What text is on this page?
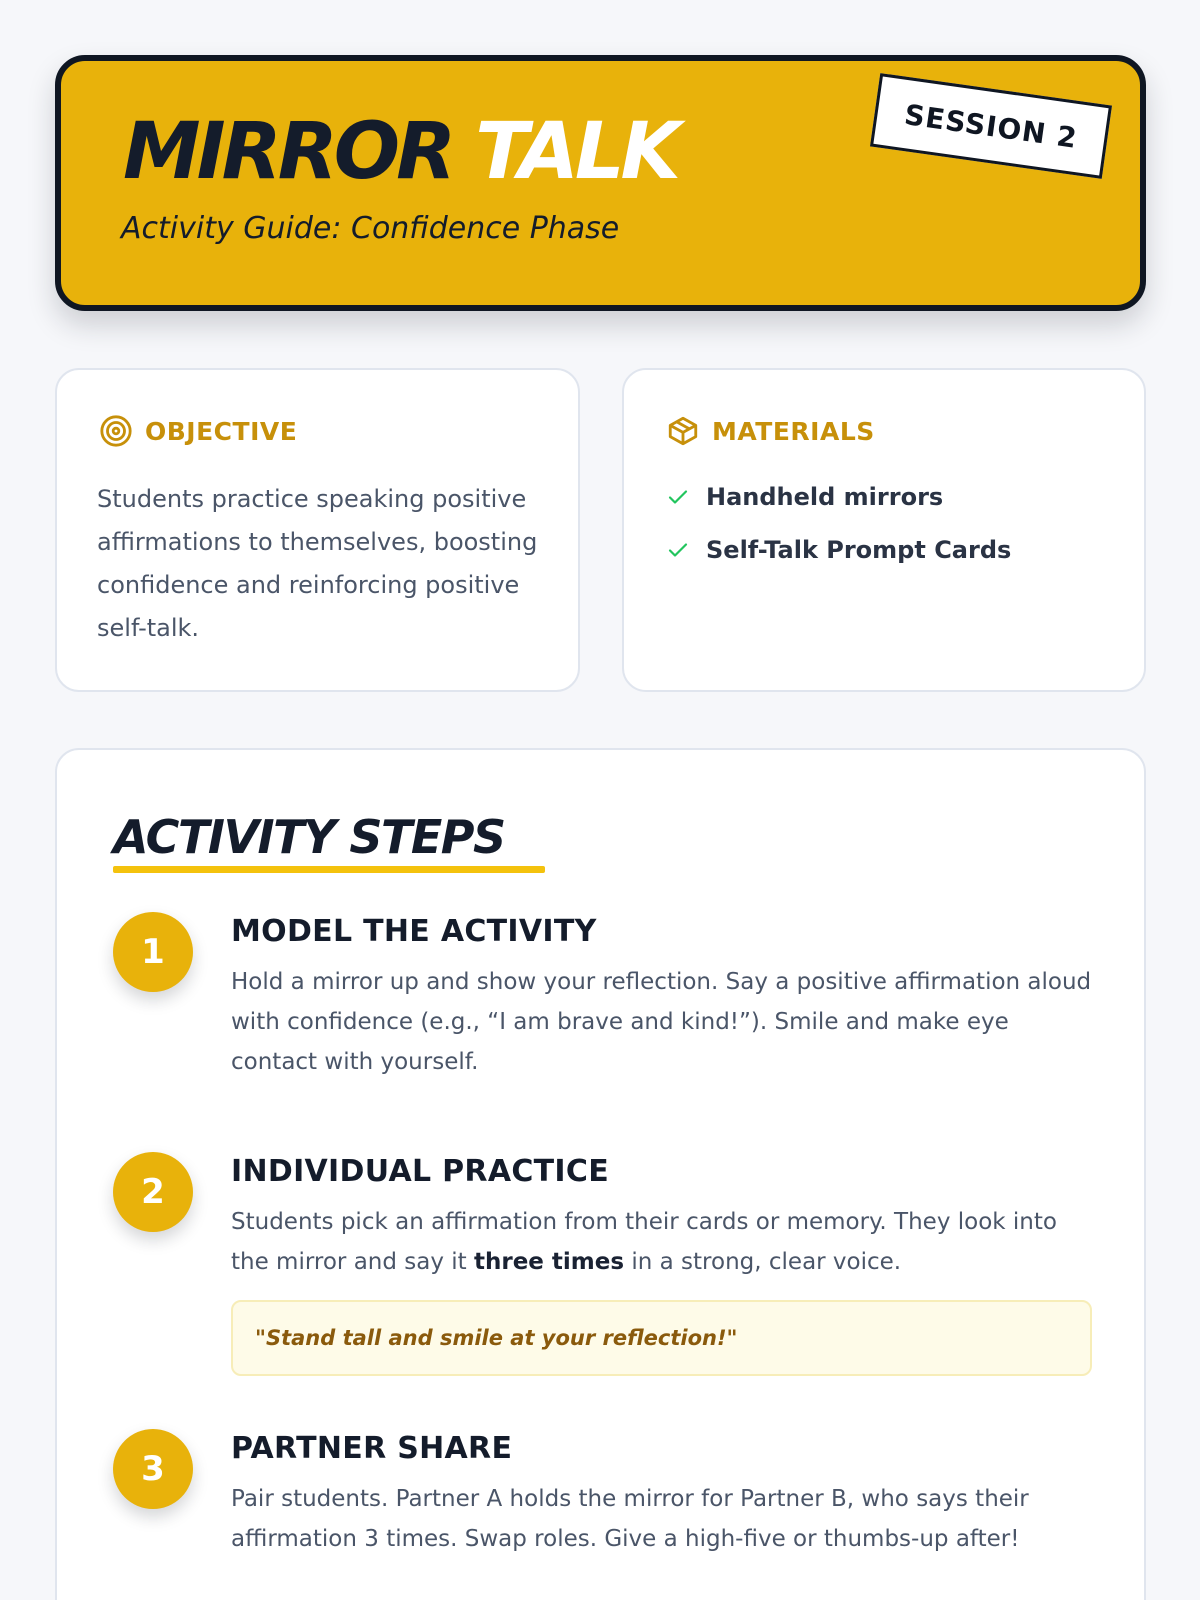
MIRROR TALK
Activity Guide: Confidence Phase
SESSION 2
OBJECTIVE

Students practice speaking positive affirmations to themselves, boosting confidence and reinforcing positive self-talk.

MATERIALS
Handheld mirrors
Self-Talk Prompt Cards
ACTIVITY STEPS
1
MODEL THE ACTIVITY

Hold a mirror up and show your reflection. Say a positive affirmation aloud with confidence (e.g., “I am brave and kind!”). Smile and make eye contact with yourself.

2
INDIVIDUAL PRACTICE

Students pick an affirmation from their cards or memory. They look into the mirror and say it three times in a strong, clear voice.

"Stand tall and smile at your reflection!"
3
PARTNER SHARE

Pair students. Partner A holds the mirror for Partner B, who says their affirmation 3 times. Swap roles. Give a high-five or thumbs-up after!
